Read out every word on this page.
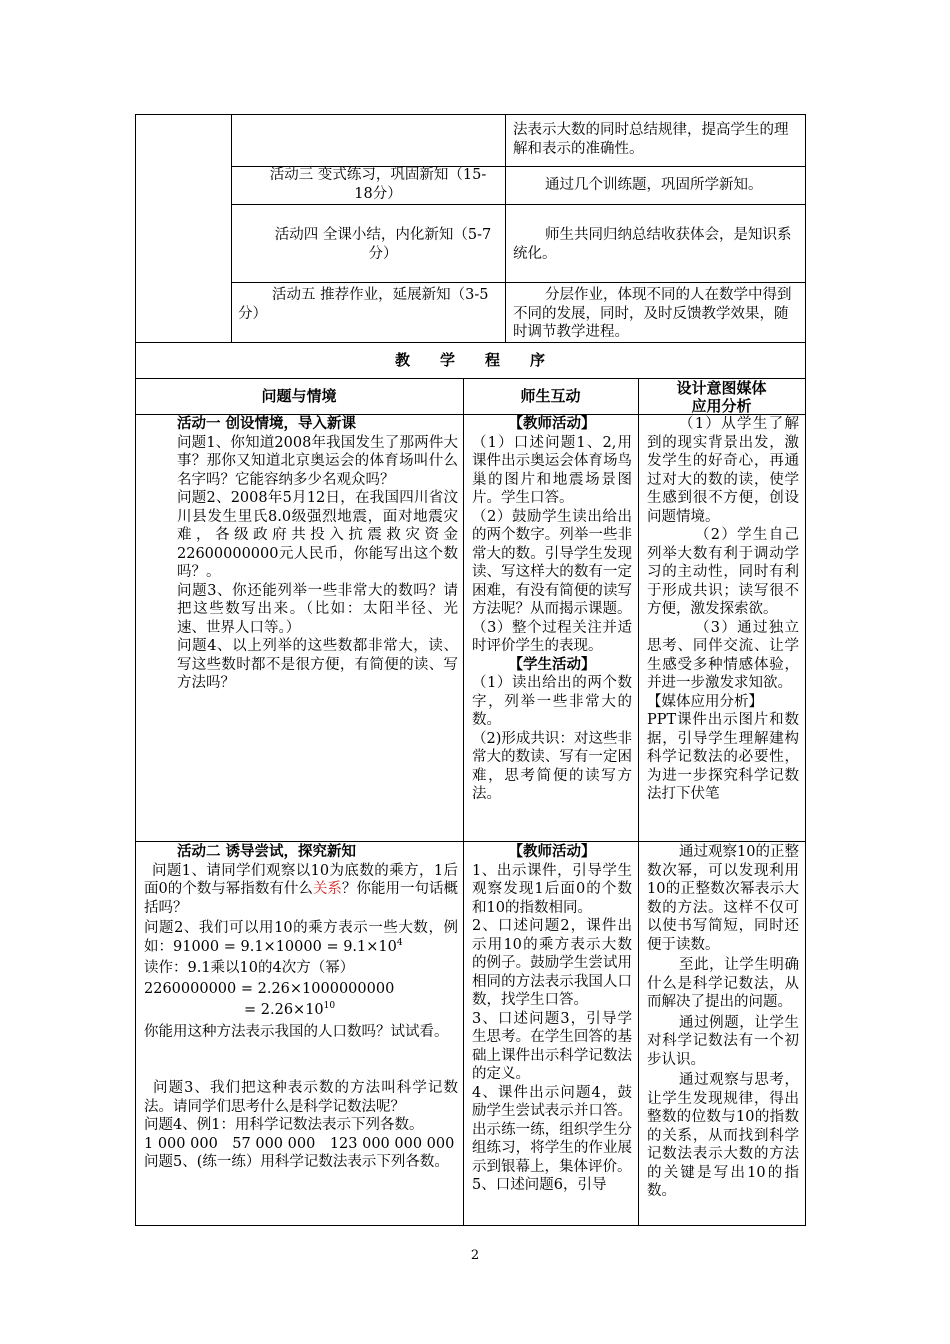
法表示大数的同时总结规律，提高学生的理解和表示的准确性。
活动三 变式练习，巩固新知（15-18分）
通过几个训练题，巩固所学新知。
活动四 全课小结，内化新知（5-7分）
师生共同归纳总结收获体会，是知识系统化。
活动五 推荐作业，延展新知（3-5分）
分层作业，体现不同的人在数学中得到不同的发展，同时，及时反馈教学效果，随时调节教学进程。
教　　学　　程　　序
问题与情境	师生互动	设计意图媒体
应用分析
活动一 创设情境，导入新课
问题1、你知道2008年我国发生了那两件大事？那你又知道北京奥运会的体育场叫什么名字吗？它能容纳多少名观众吗？
问题2、2008年5月12日，在我国四川省汶川县发生里氏8.0级强烈地震，面对地震灾难，各级政府共投入抗震救灾资金22600000000元人民币，你能写出这个数吗？。
问题3、你还能列举一些非常大的数吗？请把这些数写出来。（比如：太阳半径、光速、世界人口等。）
问题4、以上列举的这些数都非常大，读、写这些数时都不是很方便，有简便的读、写方法吗？
【教师活动】
（1）口述问题1、2,用课件出示奥运会体育场鸟巢的图片和地震场景图片。学生口答。
（2）鼓励学生读出给出的两个数字。列举一些非常大的数。引导学生发现读、写这样大的数有一定困难，有没有简便的读写方法呢？从而揭示课题。
（3）整个过程关注并适时评价学生的表现。
【学生活动】
（1）读出给出的两个数字，列举一些非常大的数。
（2)形成共识：对这些非常大的数读、写有一定困难，思考简便的读写方法。
（1）从学生了解到的现实背景出发，激发学生的好奇心，再通过对大的数的读，使学生感到很不方便，创设问题情境。
（2）学生自己列举大数有利于调动学习的主动性，同时有利于形成共识；读写很不方便，激发探索欲。
（3）通过独立思考、同伴交流、让学生感受多种情感体验，并进一步激发求知欲。
【媒体应用分析】
PPT课件出示图片和数据，引导学生理解建构科学记数法的必要性，为进一步探究科学记数法打下伏笔
活动二 诱导尝试，探究新知
问题1、请同学们观察以10为底数的乘方，1后面0的个数与幂指数有什么关系？你能用一句话概括吗？
问题2、我们可以用10的乘方表示一些大数，例如：$91000 = 9.1\times 10000 = 9.1\times 10^4$
读作：9.1乘以10的4次方（幂）
2260000000 = 2.26×1000000000
= $2.26\times 10^{10}$
你能用这种方法表示我国的人口数吗？试试看。
问题3、我们把这种表示数的方法叫科学记数法。请同学们思考什么是科学记数法呢？
问题4、例1：用科学记数法表示下列各数。
1 000 000　57 000 000　123 000 000 000
问题5、(练一练）用科学记数法表示下列各数。
【教师活动】
1、出示课件，引导学生观察发现1后面0的个数和10的指数相同。
2、口述问题2，课件出示用10的乘方表示大数的例子。鼓励学生尝试用相同的方法表示我国人口数，找学生口答。
3、口述问题3，引导学生思考。在学生回答的基础上课件出示科学记数法的定义。
4、课件出示问题4，鼓励学生尝试表示并口答。出示练一练，组织学生分组练习，将学生的作业展示到银幕上，集体评价。
5、口述问题6，引导
通过观察10的正整数次幂，可以发现利用10的正整数次幂表示大数的方法。这样不仅可以使书写简短，同时还便于读数。
至此，让学生明确什么是科学记数法，从而解决了提出的问题。
通过例题，让学生对科学记数法有一个初步认识。
通过观察与思考，让学生发现规律，得出整数的位数与10的指数的关系，从而找到科学记数法表示大数的方法的关键是写出10的指数。
2
